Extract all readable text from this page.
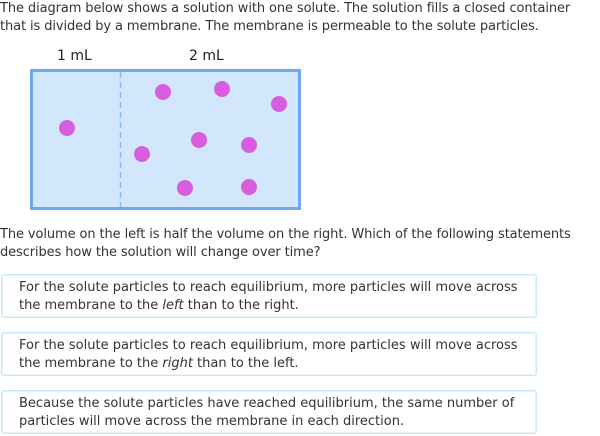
The diagram below shows a solution with one solute. The solution fills a closed container that is divided by a membrane. The membrane is permeable to the solute particles.
1 mL	2 mL
The volume on the left is half the volume on the right. Which of the following statements describes how the solution will change over time?
For the solute particles to reach equilibrium, more particles will move across the membrane to the left than to the right.
For the solute particles to reach equilibrium, more particles will move across the membrane to the right than to the left.
Because the solute particles have reached equilibrium, the same number of particles will move across the membrane in each direction.
